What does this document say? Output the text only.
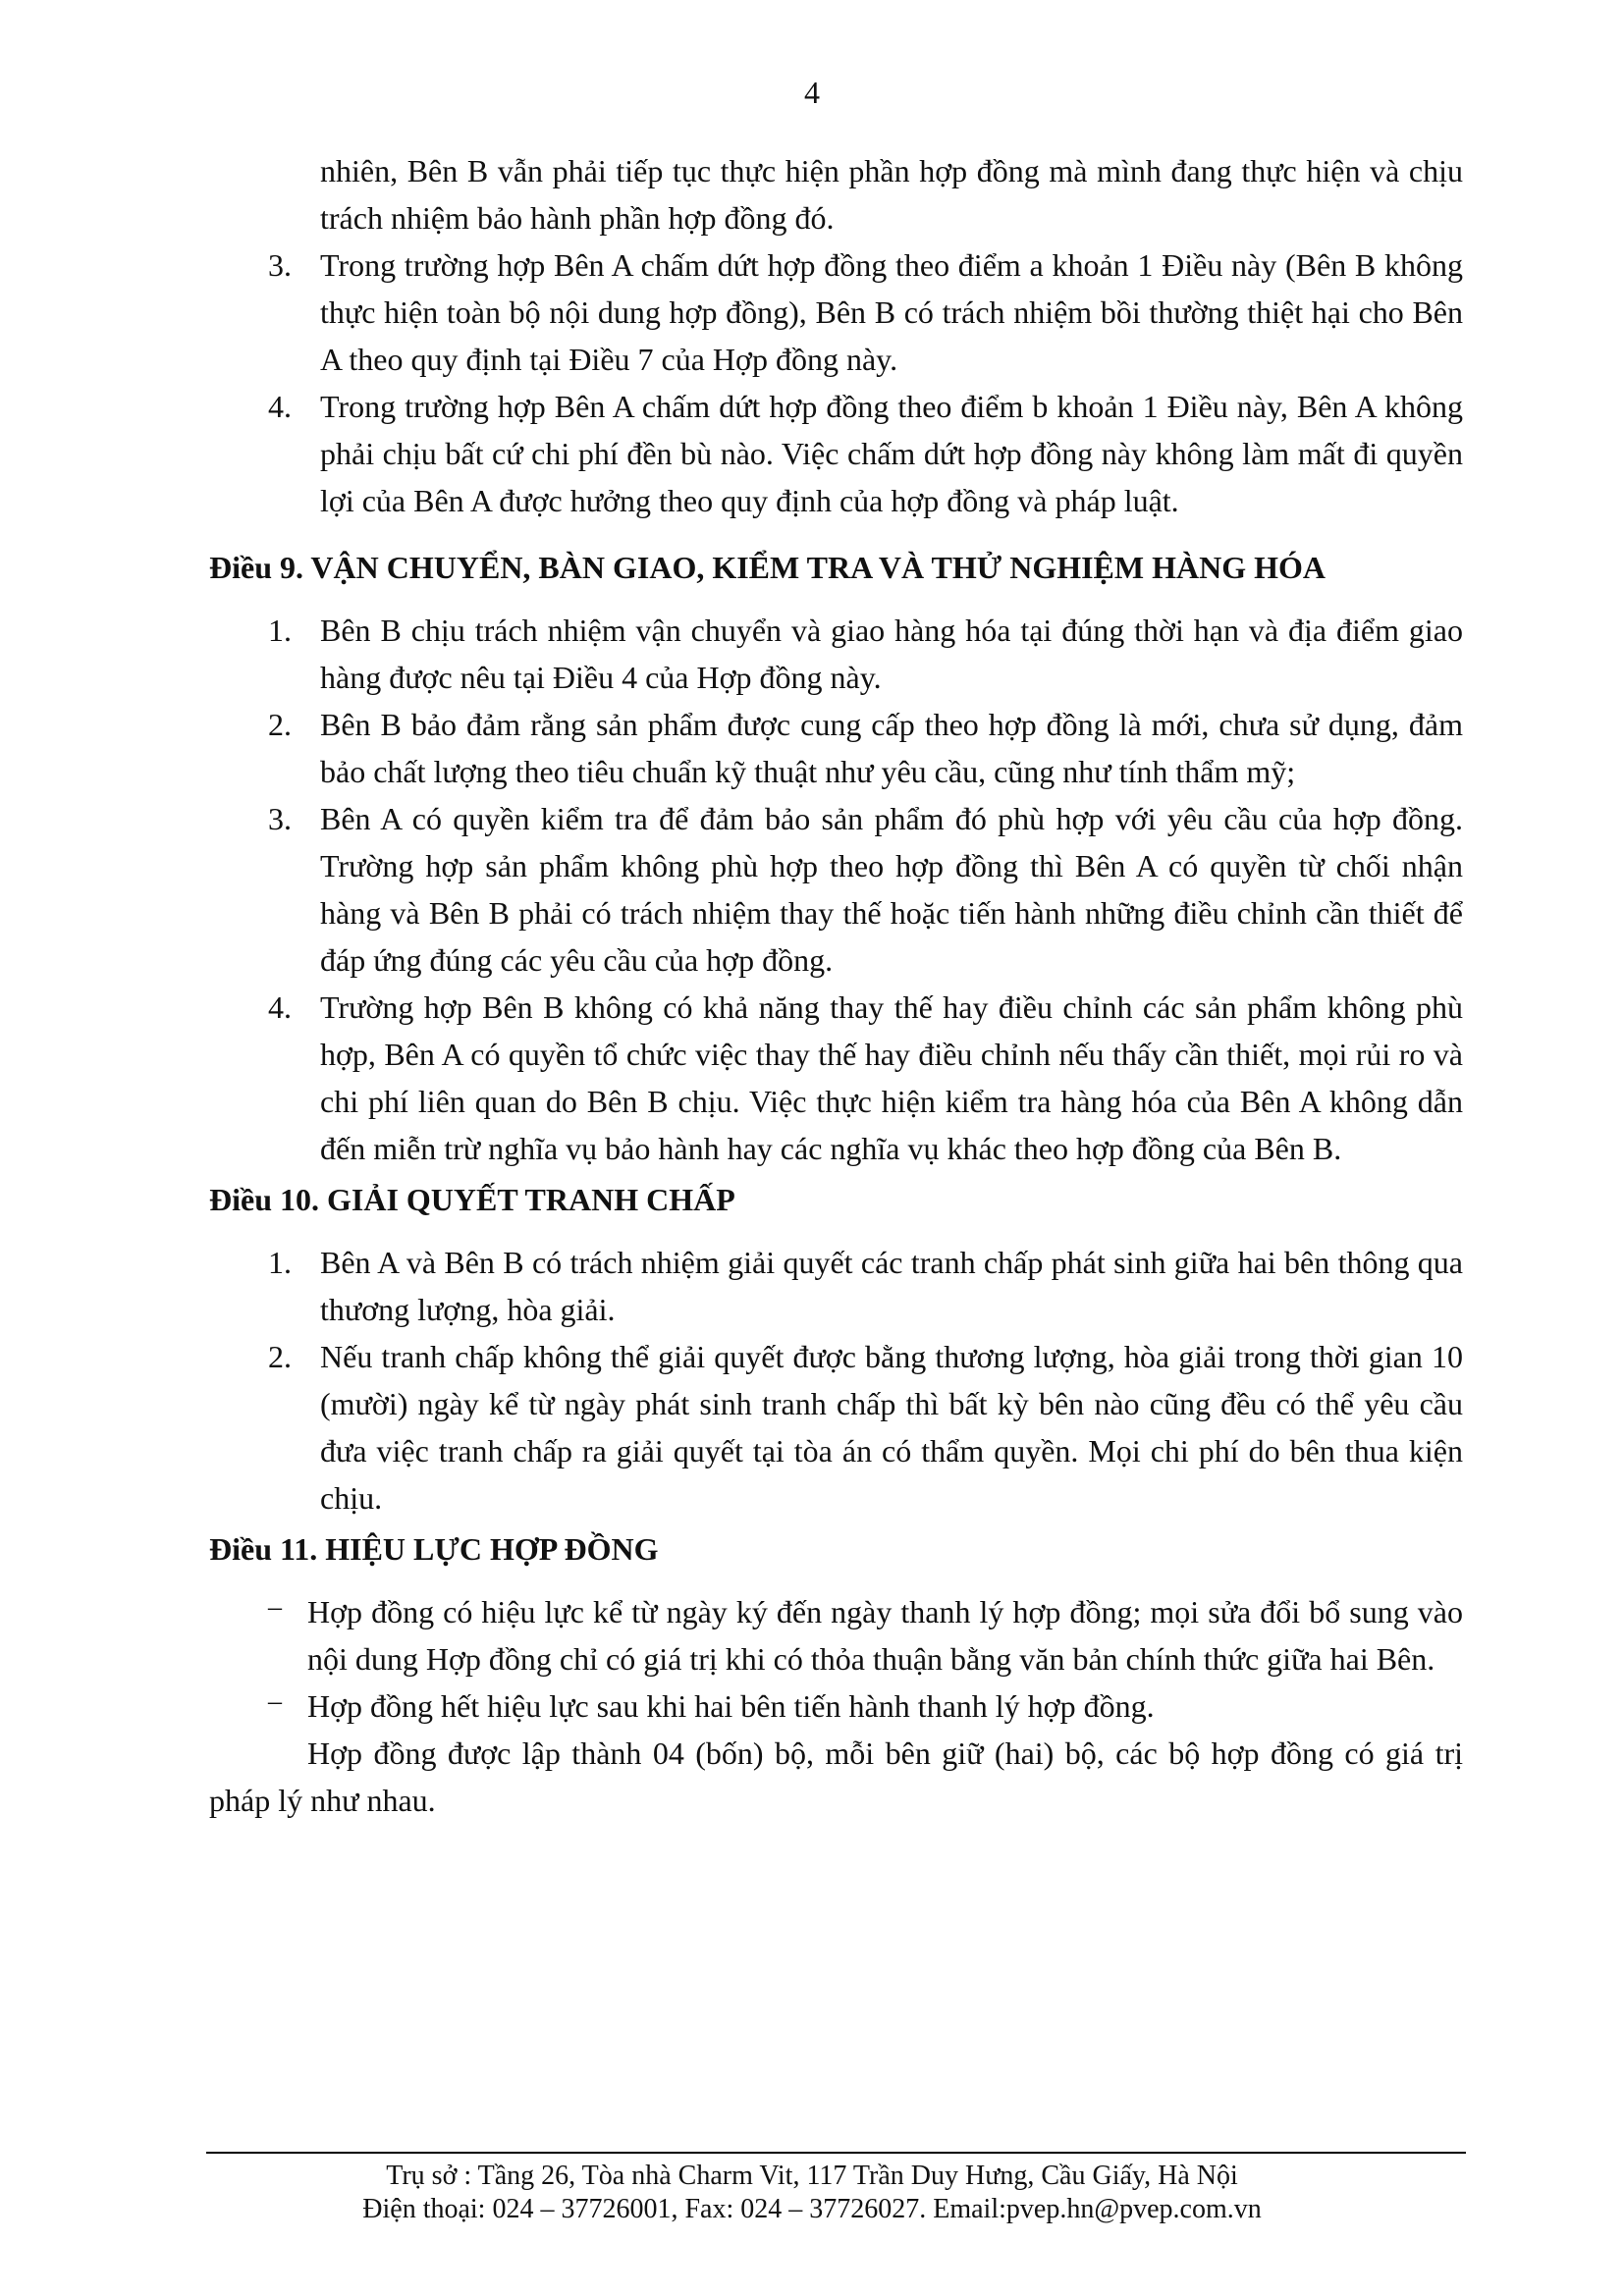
4
nhiên, Bên B vẫn phải tiếp tục thực hiện phần hợp đồng mà mình đang thực hiện và chịu trách nhiệm bảo hành phần hợp đồng đó.
3. Trong trường hợp Bên A chấm dứt hợp đồng theo điểm a khoản 1 Điều này (Bên B không thực hiện toàn bộ nội dung hợp đồng), Bên B có trách nhiệm bồi thường thiệt hại cho Bên A theo quy định tại Điều 7 của Hợp đồng này.
4. Trong trường hợp Bên A chấm dứt hợp đồng theo điểm b khoản 1 Điều này, Bên A không phải chịu bất cứ chi phí đền bù nào. Việc chấm dứt hợp đồng này không làm mất đi quyền lợi của Bên A được hưởng theo quy định của hợp đồng và pháp luật.
Điều 9. VẬN CHUYỂN, BÀN GIAO, KIỂM TRA VÀ THỬ NGHIỆM HÀNG HÓA
1. Bên B chịu trách nhiệm vận chuyển và giao hàng hóa tại đúng thời hạn và địa điểm giao hàng được nêu tại Điều 4 của Hợp đồng này.
2. Bên B bảo đảm rằng sản phẩm được cung cấp theo hợp đồng là mới, chưa sử dụng, đảm bảo chất lượng theo tiêu chuẩn kỹ thuật như yêu cầu, cũng như tính thẩm mỹ;
3. Bên A có quyền kiểm tra để đảm bảo sản phẩm đó phù hợp với yêu cầu của hợp đồng. Trường hợp sản phẩm không phù hợp theo hợp đồng thì Bên A có quyền từ chối nhận hàng và Bên B phải có trách nhiệm thay thế hoặc tiến hành những điều chỉnh cần thiết để đáp ứng đúng các yêu cầu của hợp đồng.
4. Trường hợp Bên B không có khả năng thay thế hay điều chỉnh các sản phẩm không phù hợp, Bên A có quyền tổ chức việc thay thế hay điều chỉnh nếu thấy cần thiết, mọi rủi ro và chi phí liên quan do Bên B chịu. Việc thực hiện kiểm tra hàng hóa của Bên A không dẫn đến miễn trừ nghĩa vụ bảo hành hay các nghĩa vụ khác theo hợp đồng của Bên B.
Điều 10. GIẢI QUYẾT TRANH CHẤP
1. Bên A và Bên B có trách nhiệm giải quyết các tranh chấp phát sinh giữa hai bên thông qua thương lượng, hòa giải.
2. Nếu tranh chấp không thể giải quyết được bằng thương lượng, hòa giải trong thời gian 10 (mười) ngày kể từ ngày phát sinh tranh chấp thì bất kỳ bên nào cũng đều có thể yêu cầu đưa việc tranh chấp ra giải quyết tại tòa án có thẩm quyền. Mọi chi phí do bên thua kiện chịu.
Điều 11. HIỆU LỰC HỢP ĐỒNG
– Hợp đồng có hiệu lực kể từ ngày ký đến ngày thanh lý hợp đồng; mọi sửa đổi bổ sung vào nội dung Hợp đồng chỉ có giá trị khi có thỏa thuận bằng văn bản chính thức giữa hai Bên.
– Hợp đồng hết hiệu lực sau khi hai bên tiến hành thanh lý hợp đồng.
Hợp đồng được lập thành 04 (bốn) bộ, mỗi bên giữ (hai) bộ, các bộ hợp đồng có giá trị pháp lý như nhau.
Trụ sở : Tầng 26, Tòa nhà Charm Vit, 117 Trần Duy Hưng, Cầu Giấy, Hà Nội
Điện thoại: 024 – 37726001, Fax: 024 – 37726027. Email:pvep.hn@pvep.com.vn
